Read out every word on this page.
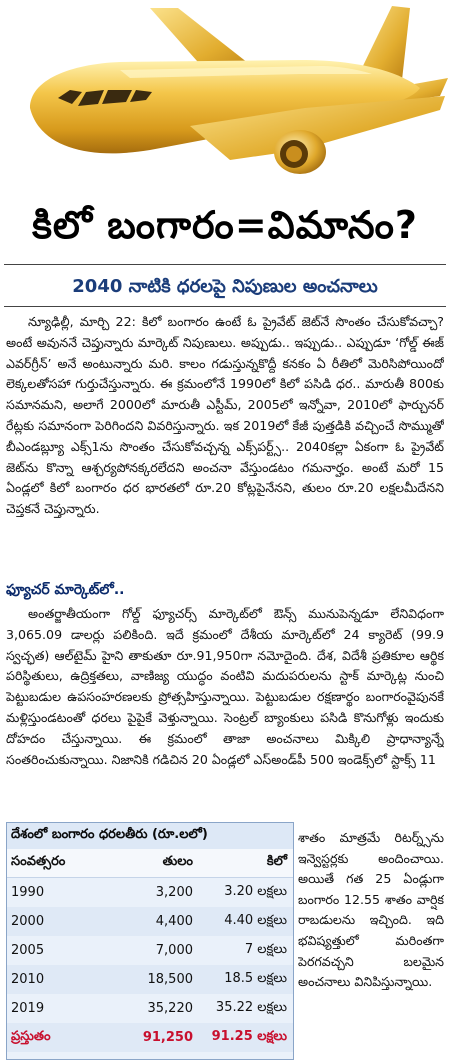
కిలో బంగారం=విమానం?
2040 నాటికి ధరలపై నిపుణుల అంచనాలు

న్యూఢిల్లీ, మార్చి 22: కిలో బంగారం ఉంటే ఓ ప్రైవేట్ జెట్‌నే సొంతం చేసుకోవచ్చా? అంటే అవుననే చెప్తున్నారు మార్కెట్ నిపుణులు. అప్పుడు.. ఇప్పుడు.. ఎప్పుడూ ‘గోల్డ్ ఈజ్ ఎవర్‌గ్రీన్’ అనే అంటున్నారు మరి. కాలం గడుస్తున్నకొద్దీ కనకం ఏ రీతిలో మెరిసిపోయిందో లెక్కలతోసహా గుర్తుచేస్తున్నారు. ఈ క్రమంలోనే 1990లో కిలో పసిడి ధర.. మారుతీ 800కు సమానమని, అలాగే 2000లో మారుతీ ఎస్టీమ్, 2005లో ఇన్నోవా, 2010లో ఫార్చునర్ రేట్లకు సమానంగా పెరిగిందని వివరిస్తున్నారు. ఇక 2019లో కేజీ పుత్తడికి వచ్చించే సొమ్ముతో బీఎండబ్ల్యూ ఎక్స్1ను సొంతం చేసుకోవచ్చన్న ఎక్స్‌పర్ట్స్.. 2040కల్లా ఏకంగా ఓ ప్రైవేట్ జెట్‌ను కొన్నా ఆశ్చర్యపోనక్కరలేదని అంచనా వేస్తుండటం గమనార్హం. అంటే మరో 15 ఏండ్లలో కిలో బంగారం ధర భారతలో రూ.20 కోట్లపైనేనని, తులం రూ.20 లక్షలమీదేనని చెప్తకనే చెప్తున్నారు.

ఫ్యూచర్ మార్కెట్‌లో..

అంతర్జాతీయంగా గోల్డ్ ఫ్యూచర్స్ మార్కెట్‌లో ఔన్స్ మునుపెన్నడూ లేనివిధంగా 3,065.09 డాలర్లు పలికింది. ఇదే క్రమంలో దేశీయ మార్కెట్‌లో 24 క్యారెట్ (99.9 స్వచ్ఛత) ఆల్‌టైమ్ హైని తాకుతూ రూ.91,950గా నమోదైంది. దేశ, విదేశీ ప్రతికూల ఆర్థిక పరిస్థితులు, ఉద్రిక్తతలు, వాణిజ్య యుద్ధం వంటివి మదుపరులను స్టాక్ మార్కెట్ల నుంచి పెట్టుబడుల ఉపసంహరణలకు ప్రోత్సహిస్తున్నాయి. పెట్టుబడుల రక్షణార్థం బంగారంవైపునకే మళ్లిస్తుండటంతో ధరలు పైపైకే వెళ్తున్నాయి. సెంట్రల్ బ్యాంకులు పసిడి కొనుగోళ్లు ఇందుకు దోహదం చేస్తున్నాయి. ఈ క్రమంలో తాజా అంచనాలు మిక్కిలి ప్రాధాన్యాన్నే సంతరించుకున్నాయి. నిజానికి గడిచిన 20 ఏండ్లలో ఎస్‌అండ్‌పీ 500 ఇండెక్స్‌లో స్టాక్స్ 11

దేశంలో బంగారం ధరలతీరు (రూ.లలో)
సంవత్సరం	తులం	కిలో
1990	3,200	3.20 లక్షలు
2000	4,400	4.40 లక్షలు
2005	7,000	7 లక్షలు
2010	18,500	18.5 లక్షలు
2019	35,220	35.22 లక్షలు
ప్రస్తుతం	91,250	91.25 లక్షలు
శాతం మాత్రమే రిటర్న్స్‌ను ఇన్వెస్టర్లకు అందించాయి. అయితే గత 25 ఏండ్లుగా బంగారం 12.55 శాతం వార్షిక రాబడులను ఇచ్చింది. ఇది భవిష్యత్తులో మరింతగా పెరగవచ్చని బలమైన అంచనాలు వినిపిస్తున్నాయి.
